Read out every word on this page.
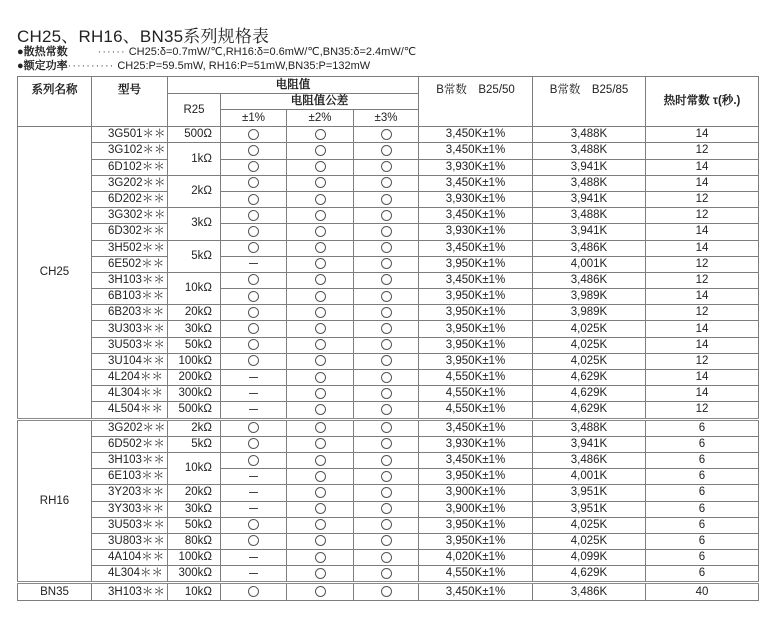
CH25、RH16、BN35系列规格表
●散热常数	······ CH25:δ=0.7mW/℃,RH16:δ=0.6mW/℃,BN35:δ=2.4mW/℃
●额定功率·········· CH25:P=59.5mW, RH16:P=51mW,BN35:P=132mW
系列名称	型号	电阻值				B常数　B25/50	B常数　B25/85	热时常数 τ(秒.)
		R25	电阻值公差					
			±1%	±2%	±3%			
CH25	3G501＊＊	500Ω				3,450K±1%	3,488K	14
	3G102＊＊	1kΩ				3,450K±1%	3,488K	12
	6D102＊＊					3,930K±1%	3,941K	14
	3G202＊＊	2kΩ				3,450K±1%	3,488K	14
	6D202＊＊					3,930K±1%	3,941K	12
	3G302＊＊	3kΩ				3,450K±1%	3,488K	12
	6D302＊＊					3,930K±1%	3,941K	14
	3H502＊＊	5kΩ				3,450K±1%	3,486K	14
	6E502＊＊					3,950K±1%	4,001K	12
	3H103＊＊	10kΩ				3,450K±1%	3,486K	12
	6B103＊＊					3,950K±1%	3,989K	14
	6B203＊＊	20kΩ				3,950K±1%	3,989K	12
	3U303＊＊	30kΩ				3,950K±1%	4,025K	14
	3U503＊＊	50kΩ				3,950K±1%	4,025K	14
	3U104＊＊	100kΩ				3,950K±1%	4,025K	12
	4L204＊＊	200kΩ				4,550K±1%	4,629K	14
	4L304＊＊	300kΩ				4,550K±1%	4,629K	14
	4L504＊＊	500kΩ				4,550K±1%	4,629K	12
RH16	3G202＊＊	2kΩ				3,450K±1%	3,488K	6
	6D502＊＊	5kΩ				3,930K±1%	3,941K	6
	3H103＊＊	10kΩ				3,450K±1%	3,486K	6
	6E103＊＊					3,950K±1%	4,001K	6
	3Y203＊＊	20kΩ				3,900K±1%	3,951K	6
	3Y303＊＊	30kΩ				3,900K±1%	3,951K	6
	3U503＊＊	50kΩ				3,950K±1%	4,025K	6
	3U803＊＊	80kΩ				3,950K±1%	4,025K	6
	4A104＊＊	100kΩ				4,020K±1%	4,099K	6
	4L304＊＊	300kΩ				4,550K±1%	4,629K	6
BN35	3H103＊＊	10kΩ				3,450K±1%	3,486K	40
